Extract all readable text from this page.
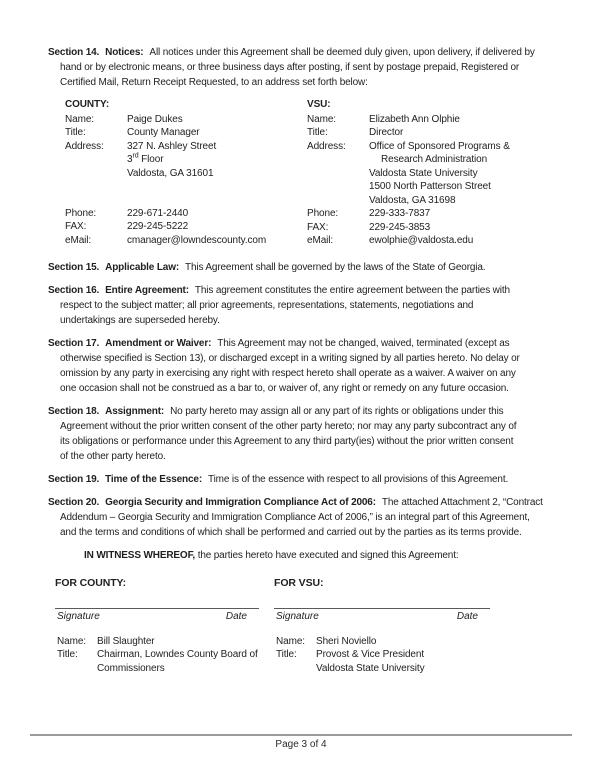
Section 14. Notices: All notices under this Agreement shall be deemed duly given, upon delivery, if delivered by
hand or by electronic means, or three business days after posting, if sent by postage prepaid, Registered or
Certified Mail, Return Receipt Requested, to an address set forth below:
COUNTY:
Name:	Paige Dukes
Title:	County Manager
Address:	327 N. Ashley Street
3rd Floor
Valdosta, GA 31601
Phone:	229-671-2440
FAX:	229-245-5222
eMail:	cmanager@lowndescounty.com
VSU:
Name:	Elizabeth Ann Olphie
Title:	Director
Address:	Office of Sponsored Programs &
Research Administration
Valdosta State University
1500 North Patterson Street
Valdosta, GA 31698
Phone:	229-333-7837
FAX:	229-245-3853
eMail:	ewolphie@valdosta.edu
Section 15. Applicable Law: This Agreement shall be governed by the laws of the State of Georgia.
Section 16. Entire Agreement: This agreement constitutes the entire agreement between the parties with
respect to the subject matter; all prior agreements, representations, statements, negotiations and
undertakings are superseded hereby.
Section 17. Amendment or Waiver: This Agreement may not be changed, waived, terminated (except as
otherwise specified is Section 13), or discharged except in a writing signed by all parties hereto. No delay or
omission by any party in exercising any right with respect hereto shall operate as a waiver. A waiver on any
one occasion shall not be construed as a bar to, or waiver of, any right or remedy on any future occasion.
Section 18. Assignment: No party hereto may assign all or any part of its rights or obligations under this
Agreement without the prior written consent of the other party hereto; nor may any party subcontract any of
its obligations or performance under this Agreement to any third party(ies) without the prior written consent
of the other party hereto.
Section 19. Time of the Essence: Time is of the essence with respect to all provisions of this Agreement.
Section 20. Georgia Security and Immigration Compliance Act of 2006: The attached Attachment 2, “Contract
Addendum – Georgia Security and Immigration Compliance Act of 2006,” is an integral part of this Agreement,
and the terms and conditions of which shall be performed and carried out by the parties as its terms provide.
IN WITNESS WHEREOF, the parties hereto have executed and signed this Agreement:
FOR COUNTY:
Signature	Date
Name:	Bill Slaughter
Title:	Chairman, Lowndes County Board of
Commissioners
FOR VSU:
Signature	Date
Name:	Sheri Noviello
Title:	Provost & Vice President
Valdosta State University
Page 3 of 4
